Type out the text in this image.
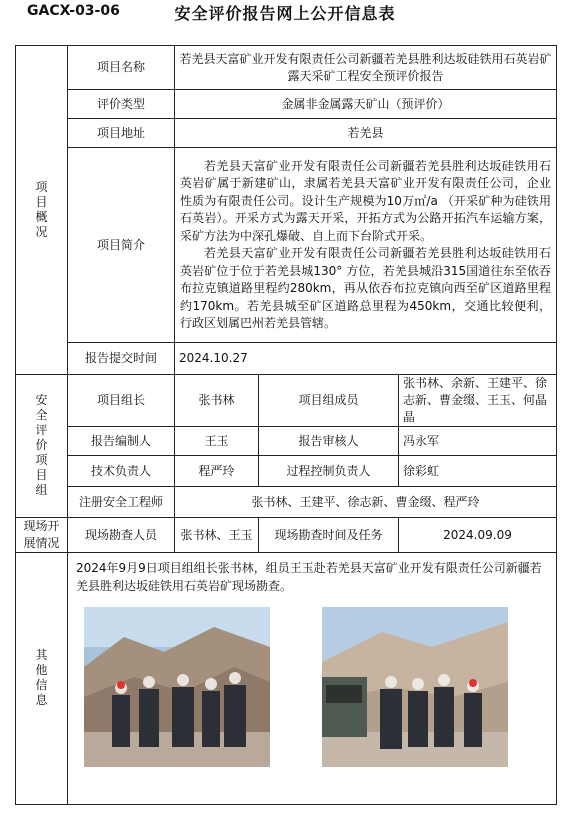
GACX-03-06	安全评价报告网上公开信息表
项目概况	项目名称	若羌县天富矿业开发有限责任公司新疆若羌县胜利达坂硅铁用石英岩矿露天采矿工程安全预评价报告		
	评价类型	金属非金属露天矿山（预评价）		
	项目地址	若羌县		
	项目简介	若羌县天富矿业开发有限责任公司新疆若羌县胜利达坂硅铁用石英岩矿属于新建矿山，隶属若羌县天富矿业开发有限责任公司，企业性质为有限责任公司。设计生产规模为10万㎡/a （开采矿种为硅铁用石英岩）。开采方式为露天开采，开拓方式为公路开拓汽车运输方案，采矿方法为中深孔爆破、自上而下台阶式开采。

若羌县天富矿业开发有限责任公司新疆若羌县胜利达坂硅铁用石英岩矿位于位于若羌县城130° 方位，若羌县城沿315国道往东至依吞布拉克镇道路里程约280km，再从依吞布拉克镇向西至矿区道路里程约170km。若羌县城至矿区道路总里程为450km，交通比较便利，行政区划属巴州若羌县管辖。		

	报告提交时间	2024.10.27		
安全评价项目组	项目组长	张书林	项目组成员	张书林、余新、王建平、徐志新、曹金缀、王玉、何晶晶
	报告编制人	王玉	报告审核人	冯永军
	技术负责人	程严玲	过程控制负责人	徐彩虹
	注册安全工程师	张书林、王建平、徐志新、曹金缀、程严玲		
现场开展情况	现场勘查人员	张书林、王玉	现场勘查时间及任务	2024.09.09
其他信息	2024年9月9日项目组组长张书林，组员王玉赴若羌县天富矿业开发有限责任公司新疆若羌县胜利达坂硅铁用石英岩矿现场勘查。			
